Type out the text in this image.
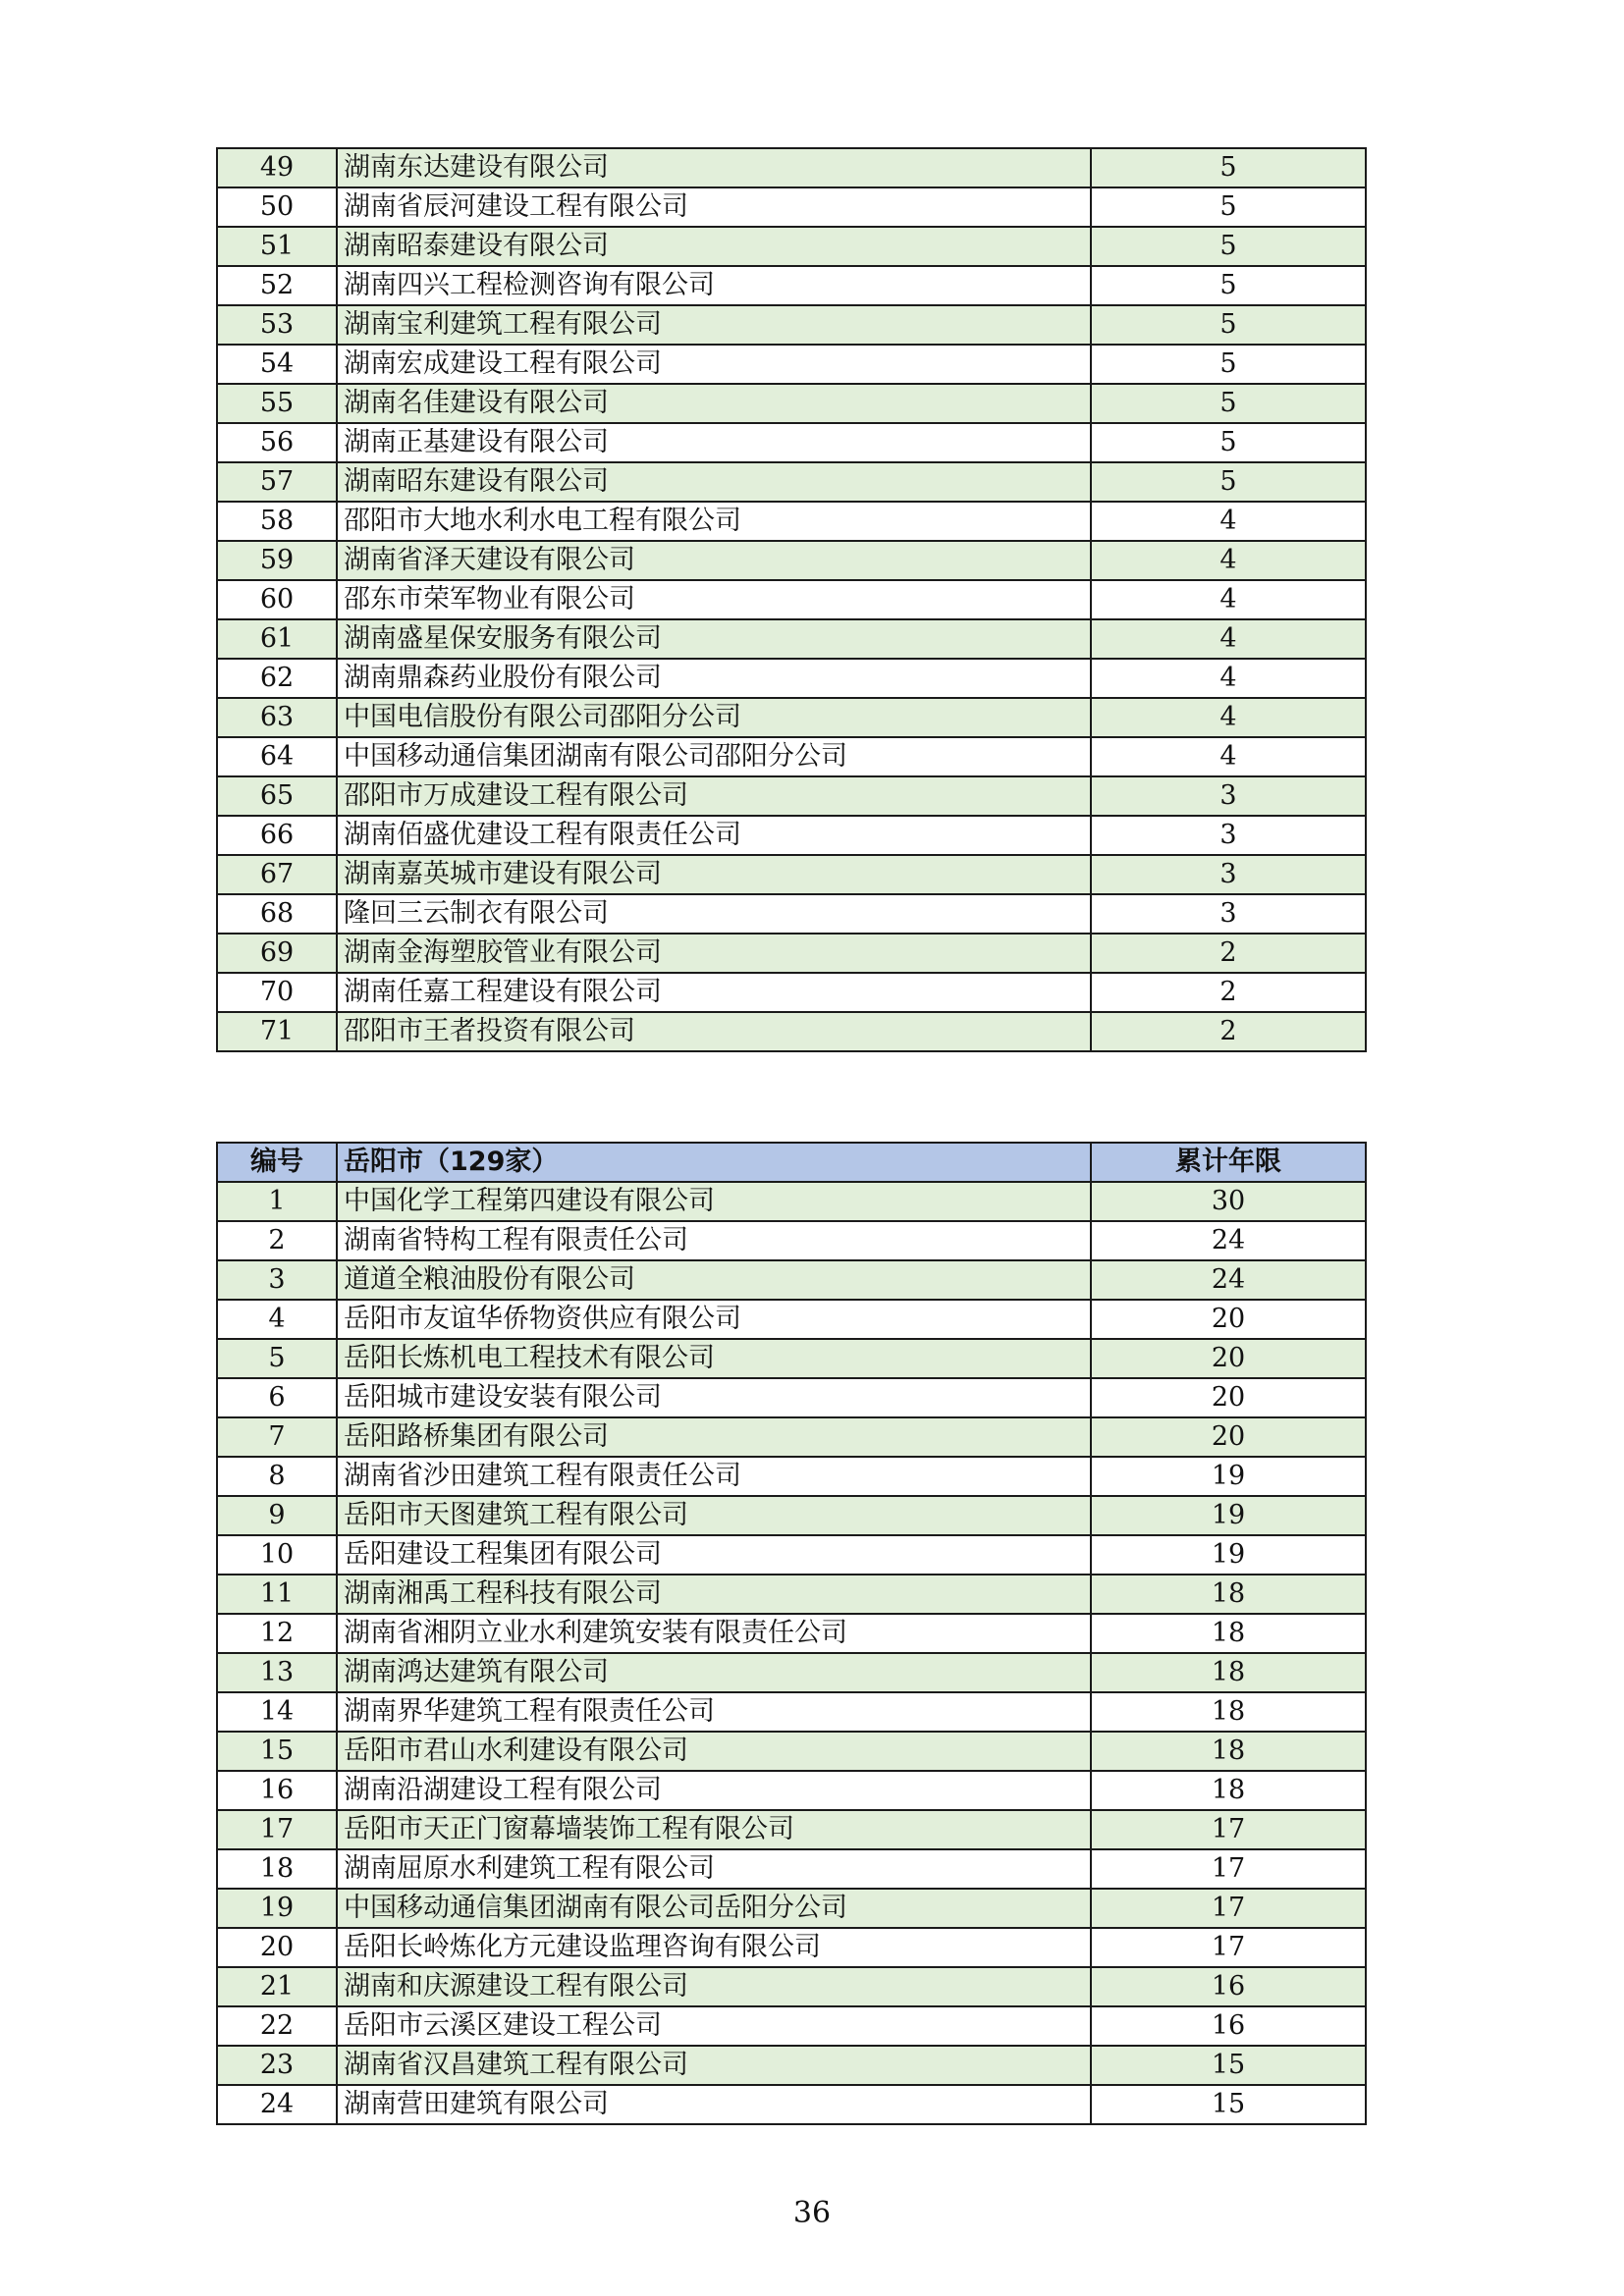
49	湖南东达建设有限公司	5
50	湖南省辰河建设工程有限公司	5
51	湖南昭泰建设有限公司	5
52	湖南四兴工程检测咨询有限公司	5
53	湖南宝利建筑工程有限公司	5
54	湖南宏成建设工程有限公司	5
55	湖南名佳建设有限公司	5
56	湖南正基建设有限公司	5
57	湖南昭东建设有限公司	5
58	邵阳市大地水利水电工程有限公司	4
59	湖南省泽天建设有限公司	4
60	邵东市荣军物业有限公司	4
61	湖南盛星保安服务有限公司	4
62	湖南鼎森药业股份有限公司	4
63	中国电信股份有限公司邵阳分公司	4
64	中国移动通信集团湖南有限公司邵阳分公司	4
65	邵阳市万成建设工程有限公司	3
66	湖南佰盛优建设工程有限责任公司	3
67	湖南嘉英城市建设有限公司	3
68	隆回三云制衣有限公司	3
69	湖南金海塑胶管业有限公司	2
70	湖南任嘉工程建设有限公司	2
71	邵阳市王者投资有限公司	2
编号	岳阳市（129家）	累计年限
1	中国化学工程第四建设有限公司	30
2	湖南省特构工程有限责任公司	24
3	道道全粮油股份有限公司	24
4	岳阳市友谊华侨物资供应有限公司	20
5	岳阳长炼机电工程技术有限公司	20
6	岳阳城市建设安装有限公司	20
7	岳阳路桥集团有限公司	20
8	湖南省沙田建筑工程有限责任公司	19
9	岳阳市天图建筑工程有限公司	19
10	岳阳建设工程集团有限公司	19
11	湖南湘禹工程科技有限公司	18
12	湖南省湘阴立业水利建筑安装有限责任公司	18
13	湖南鸿达建筑有限公司	18
14	湖南界华建筑工程有限责任公司	18
15	岳阳市君山水利建设有限公司	18
16	湖南沿湖建设工程有限公司	18
17	岳阳市天正门窗幕墙装饰工程有限公司	17
18	湖南屈原水利建筑工程有限公司	17
19	中国移动通信集团湖南有限公司岳阳分公司	17
20	岳阳长岭炼化方元建设监理咨询有限公司	17
21	湖南和庆源建设工程有限公司	16
22	岳阳市云溪区建设工程公司	16
23	湖南省汉昌建筑工程有限公司	15
24	湖南营田建筑有限公司	15
36
